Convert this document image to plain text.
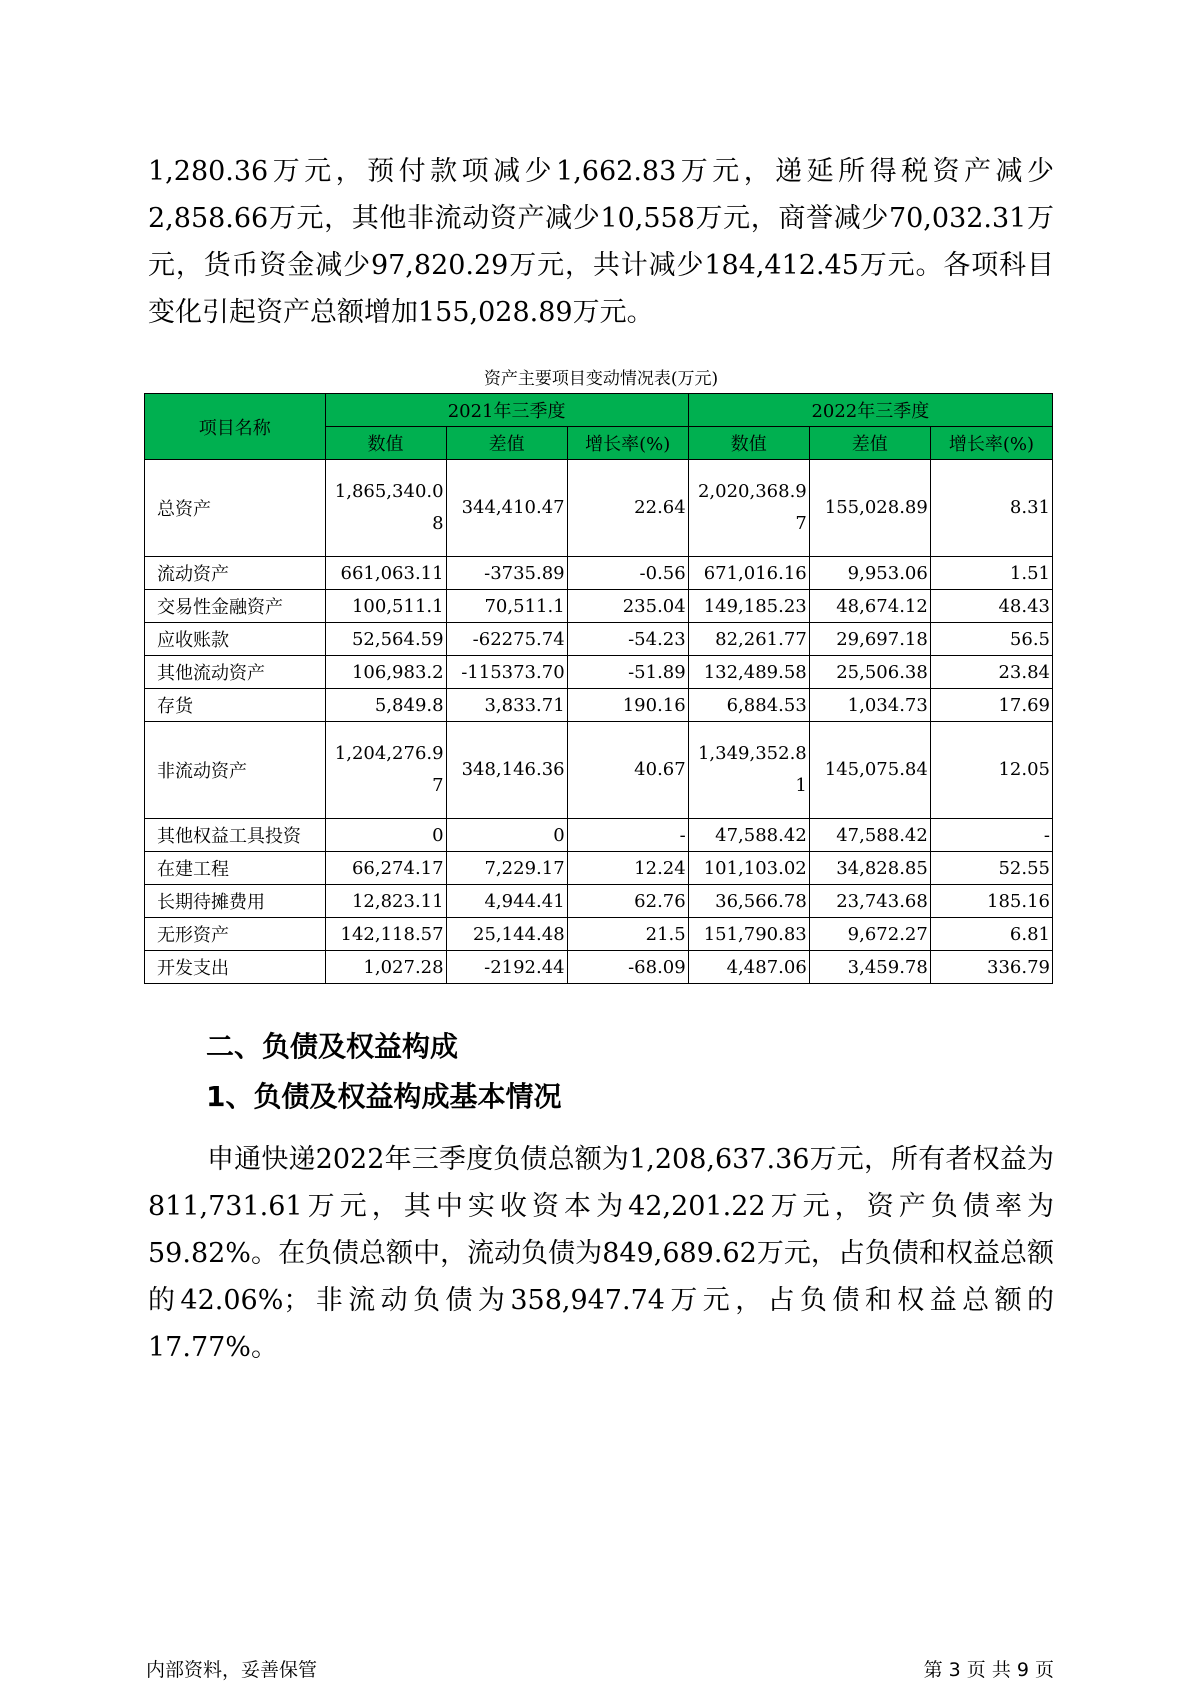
1,280.36万元，预付款项减少1,662.83万元，递延所得税资产减少2,858.66万元，其他非流动资产减少10,558万元，商誉减少70,032.31万元，货币资金减少97,820.29万元，共计减少184,412.45万元。各项科目变化引起资产总额增加155,028.89万元。

资产主要项目变动情况表(万元)
项目名称	2021年三季度			2022年三季度		
	数值	差值	增长率(%)	数值	差值	增长率(%)
总资产	1,865,340.08	344,410.47	22.64	2,020,368.97	155,028.89	8.31
流动资产	661,063.11	-3735.89	-0.56	671,016.16	9,953.06	1.51
交易性金融资产	100,511.1	70,511.1	235.04	149,185.23	48,674.12	48.43
应收账款	52,564.59	-62275.74	-54.23	82,261.77	29,697.18	56.5
其他流动资产	106,983.2	-115373.70	-51.89	132,489.58	25,506.38	23.84
存货	5,849.8	3,833.71	190.16	6,884.53	1,034.73	17.69
非流动资产	1,204,276.97	348,146.36	40.67	1,349,352.81	145,075.84	12.05
其他权益工具投资	0	0	-	47,588.42	47,588.42	-
在建工程	66,274.17	7,229.17	12.24	101,103.02	34,828.85	52.55
长期待摊费用	12,823.11	4,944.41	62.76	36,566.78	23,743.68	185.16
无形资产	142,118.57	25,144.48	21.5	151,790.83	9,672.27	6.81
开发支出	1,027.28	-2192.44	-68.09	4,487.06	3,459.78	336.79
二、负债及权益构成
1、负债及权益构成基本情况

申通快递2022年三季度负债总额为1,208,637.36万元，所有者权益为811,731.61万元，其中实收资本为42,201.22万元，资产负债率为59.82%。在负债总额中，流动负债为849,689.62万元，占负债和权益总额的42.06%；非流动负债为358,947.74万元，占负债和权益总额的17.77%。

内部资料，妥善保管	第 3 页 共 9 页
